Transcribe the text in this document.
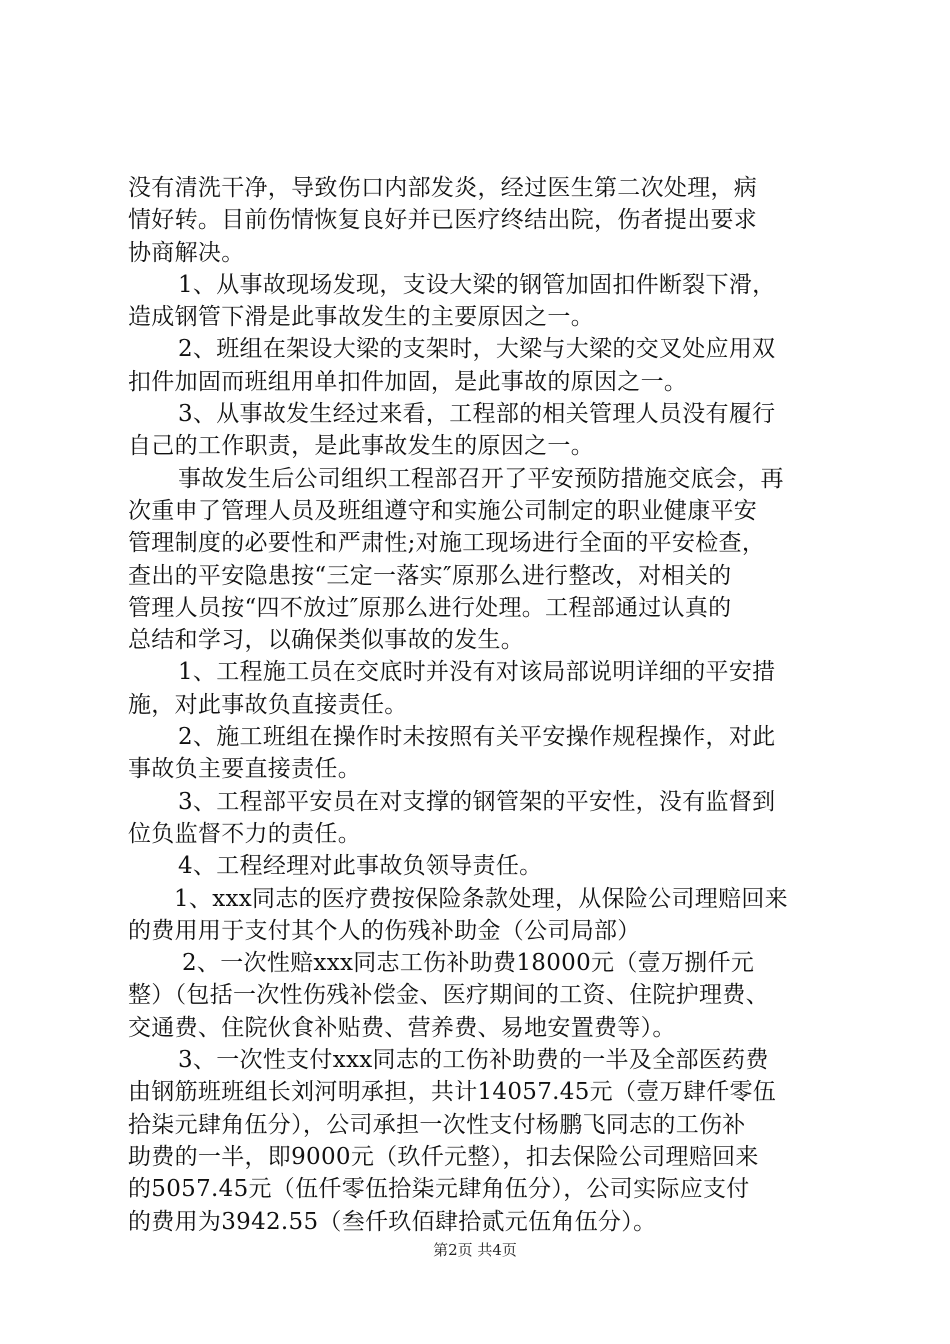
没有清洗干净，导致伤口内部发炎，经过医生第二次处理，病
情好转。目前伤情恢复良好并已医疗终结出院，伤者提出要求
协商解决。
1、从事故现场发现，支设大梁的钢管加固扣件断裂下滑，
造成钢管下滑是此事故发生的主要原因之一。
2、班组在架设大梁的支架时，大梁与大梁的交叉处应用双
扣件加固而班组用单扣件加固，是此事故的原因之一。
3、从事故发生经过来看，工程部的相关管理人员没有履行
自己的工作职责，是此事故发生的原因之一。
事故发生后公司组织工程部召开了平安预防措施交底会，再
次重申了管理人员及班组遵守和实施公司制定的职业健康平安
管理制度的必要性和严肃性;对施工现场进行全面的平安检查，
查出的平安隐患按“三定一落实″原那么进行整改，对相关的
管理人员按“四不放过″原那么进行处理。工程部通过认真的
总结和学习，以确保类似事故的发生。
1、工程施工员在交底时并没有对该局部说明详细的平安措
施，对此事故负直接责任。
2、施工班组在操作时未按照有关平安操作规程操作，对此
事故负主要直接责任。
3、工程部平安员在对支撑的钢管架的平安性，没有监督到
位负监督不力的责任。
4、工程经理对此事故负领导责任。
1、xxx同志的医疗费按保险条款处理，从保险公司理赔回来
的费用用于支付其个人的伤残补助金（公司局部）
2、一次性赔xxx同志工伤补助费18000元（壹万捌仟元
整）（包括一次性伤残补偿金、医疗期间的工资、住院护理费、
交通费、住院伙食补贴费、营养费、易地安置费等）。
3、一次性支付xxx同志的工伤补助费的一半及全部医药费
由钢筋班班组长刘河明承担，共计14057.45元（壹万肆仟零伍
拾柒元肆角伍分），公司承担一次性支付杨鹏飞同志的工伤补
助费的一半，即9000元（玖仟元整），扣去保险公司理赔回来
的5057.45元（伍仟零伍拾柒元肆角伍分），公司实际应支付
的费用为3942.55（叁仟玖佰肆拾贰元伍角伍分）。
第2页 共4页
